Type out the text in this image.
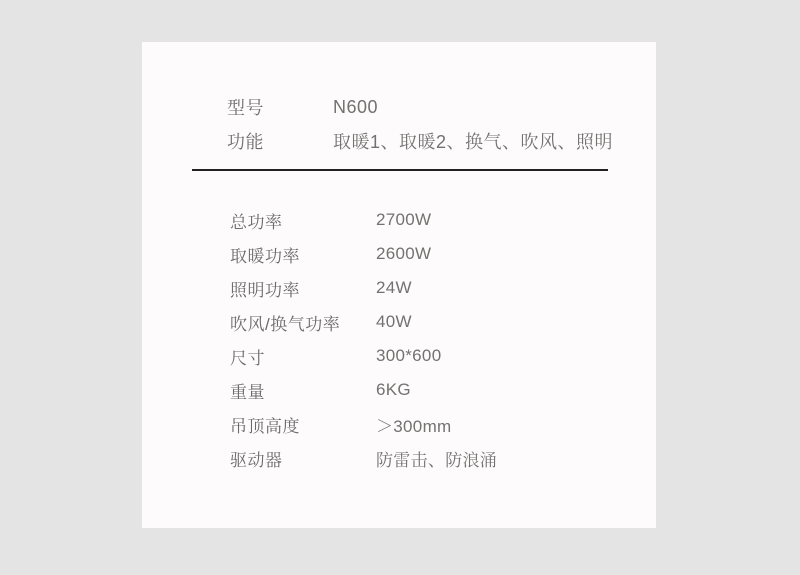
型号	N600
功能	取暖1、取暖2、换气、吹风、照明
总功率	2700W
取暖功率	2600W
照明功率	24W
吹风/换气功率	40W
尺寸	300*600
重量	6KG
吊顶高度	＞300mm
驱动器	防雷击、防浪涌
